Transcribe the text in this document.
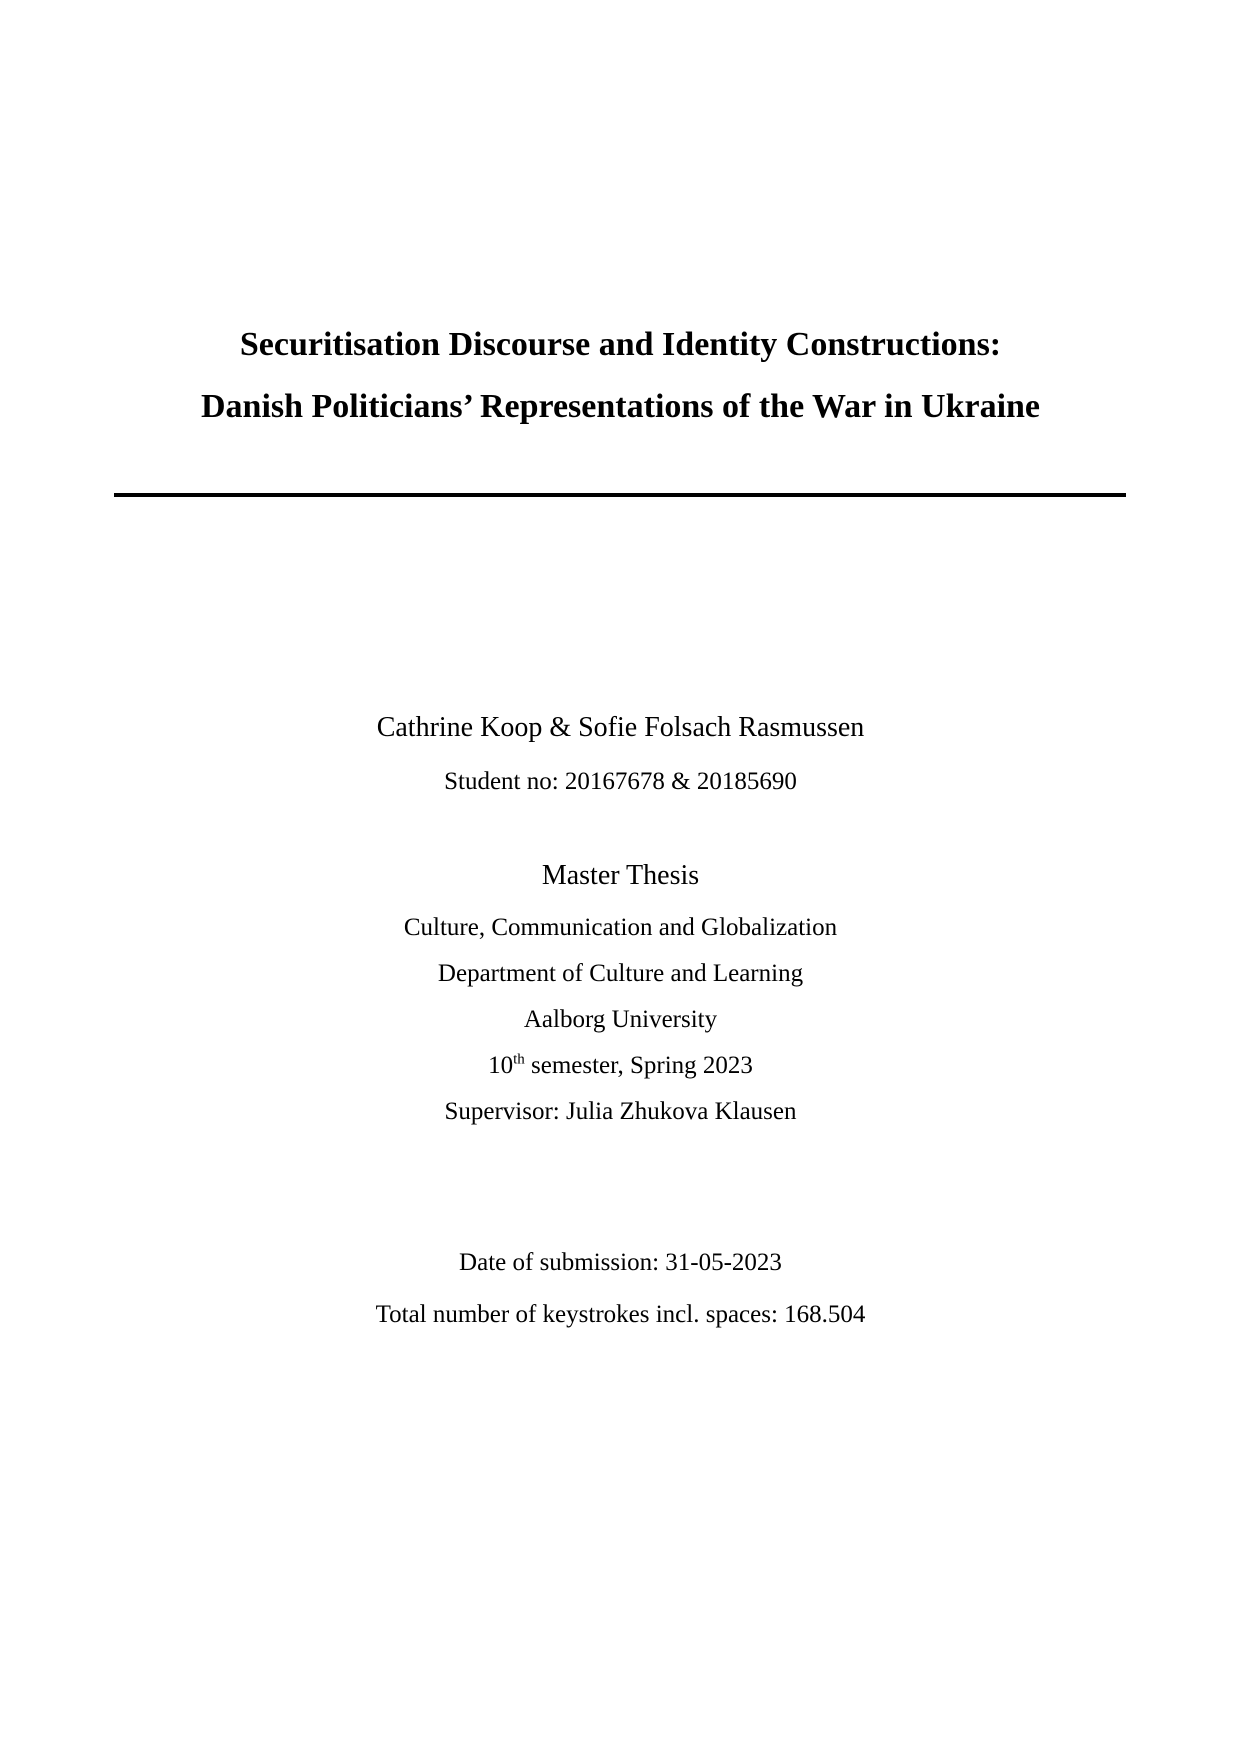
Securitisation Discourse and Identity Constructions:
Danish Politicians’ Representations of the War in Ukraine
Cathrine Koop & Sofie Folsach Rasmussen
Student no: 20167678 & 20185690
Master Thesis
Culture, Communication and Globalization
Department of Culture and Learning
Aalborg University
10th semester, Spring 2023
Supervisor: Julia Zhukova Klausen
Date of submission: 31-05-2023
Total number of keystrokes incl. spaces: 168.504
